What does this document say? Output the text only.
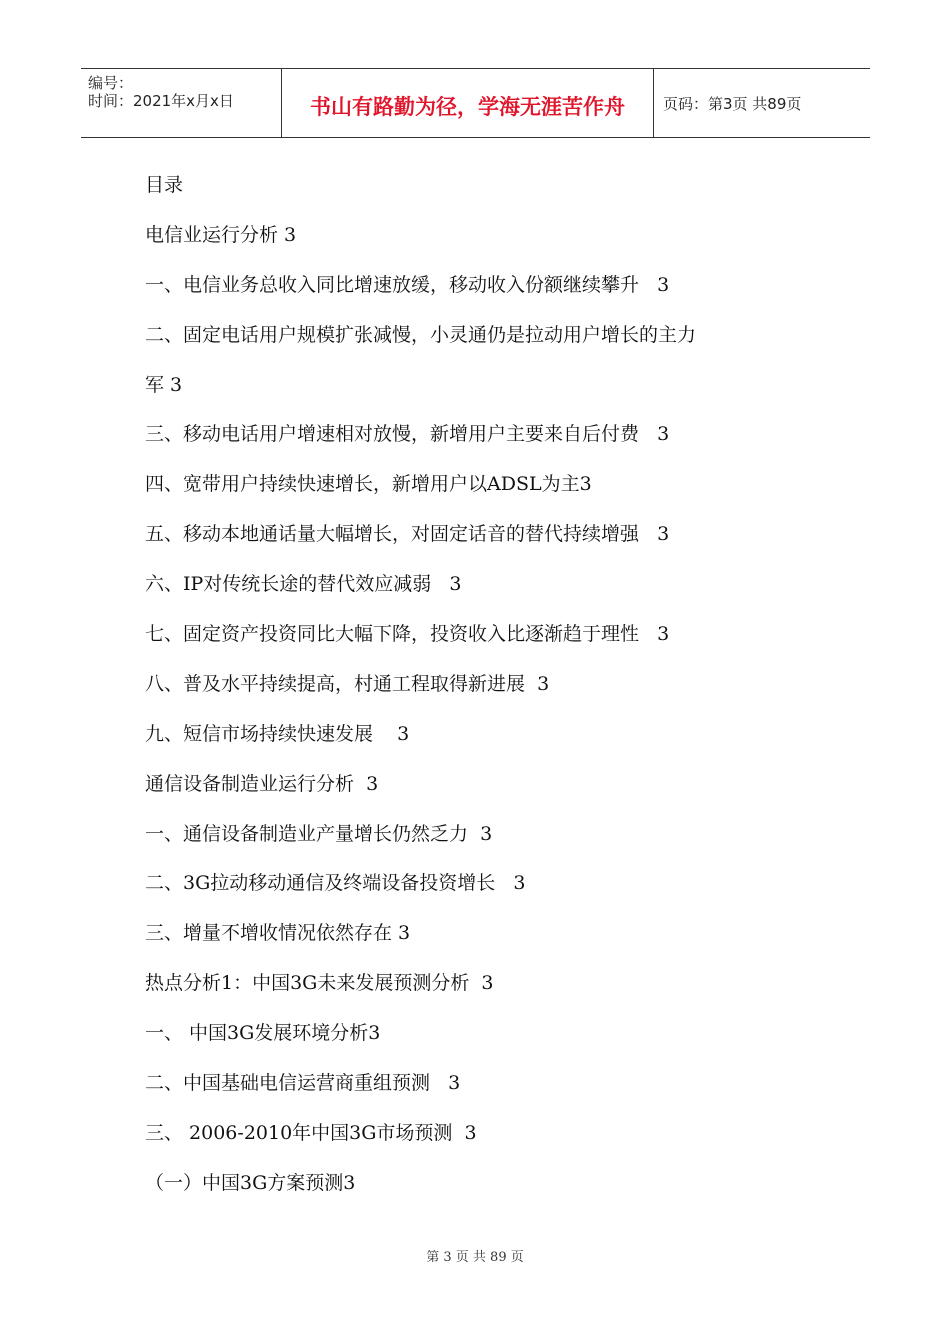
编号：
时间：2021年x月x日	书山有路勤为径，学海无涯苦作舟	页码：第3页 共89页
目录
电信业运行分析 3
一、电信业务总收入同比增速放缓，移动收入份额继续攀升   3
二、固定电话用户规模扩张减慢，小灵通仍是拉动用户增长的主力
军 3
三、移动电话用户增速相对放慢，新增用户主要来自后付费   3
四、宽带用户持续快速增长，新增用户以ADSL为主3
五、移动本地通话量大幅增长，对固定话音的替代持续增强   3
六、IP对传统长途的替代效应减弱   3
七、固定资产投资同比大幅下降，投资收入比逐渐趋于理性   3
八、普及水平持续提高，村通工程取得新进展  3
九、短信市场持续快速发展    3
通信设备制造业运行分析  3
一、通信设备制造业产量增长仍然乏力  3
二、3G拉动移动通信及终端设备投资增长   3
三、增量不增收情况依然存在 3
热点分析1：中国3G未来发展预测分析  3
一、 中国3G发展环境分析3
二、中国基础电信运营商重组预测   3
三、 2006-2010年中国3G市场预测  3
（一）中国3G方案预测3
第 3 页 共 89 页
